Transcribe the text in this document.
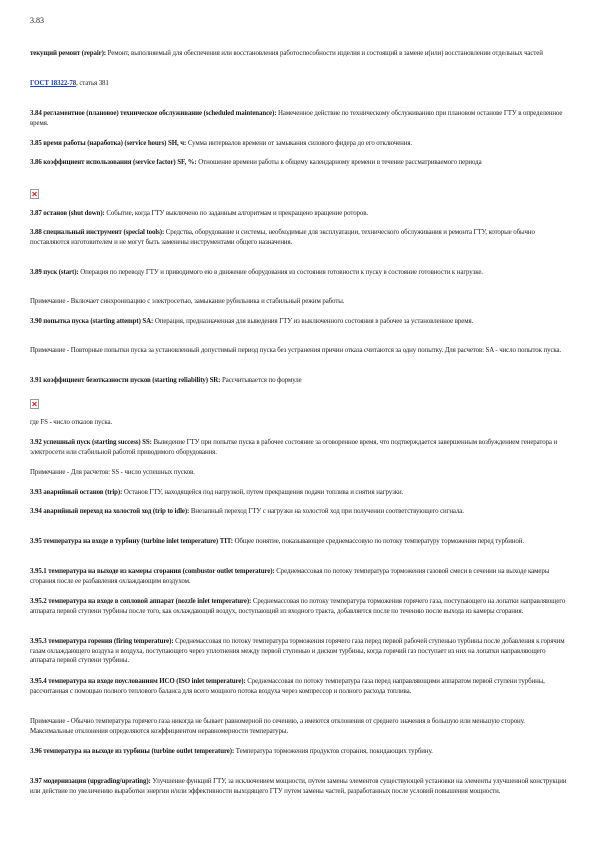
3.83

текущий ремонт (repair): Ремонт, выполняемый для обеспечения или восстановления работоспособности изделия и состоящий в замене и(или) восстановлении отдельных частей

ГОСТ 18322-78, статья 381

3.84 регламентное (плановое) техническое обслуживание (scheduled maintenance): Намеченное действие по техническому обслуживанию при плановом останове ГТУ в определенное время.

3.85 время работы (наработка) (service hours) SH, ч: Сумма интервалов времени от замыкания силового фидера до его отключения.

3.86 коэффициент использования (service factor) SF, %: Отношение времени работы к общему календарному времени в течение рассматриваемого периода

3.87 останов (shut down): Событие, когда ГТУ выключено по заданным алгоритмам и прекращено вращение роторов.

3.88 специальный инструмент (special tools): Средства, оборудование и системы, необходимые для эксплуатации, технического обслуживания и ремонта ГТУ, которые обычно поставляются изготовителем и не могут быть заменены инструментами общего назначения.

3.89 пуск (start): Операция по переводу ГТУ и приводимого ею в движение оборудования из состояния готовности к пуску в состояние готовности к нагрузке.

Примечание - Включает синхронизацию с электросетью, замыкание рубильника и стабильный режим работы.

3.90 попытка пуска (starting attempt) SA: Операция, предназначенная для выведения ГТУ из выключенного состояния в рабочее за установленное время.

Примечание - Повторные попытки пуска за установленный допустимый период пуска без устранения причин отказа считаются за одну попытку. Для расчетов: SA - число попыток пуска.

3.91 коэффициент безотказности пусков (starting reliability) SR: Рассчитывается по формуле

где FS - число отказов пуска.

3.92 успешный пуск (starting success) SS: Выведение ГТУ при попытке пуска в рабочее состояние за оговоренное время, что подтверждается завершенным возбуждением генератора и электросети или стабильной работой приводимого оборудования.

Примечание - Для расчетов: SS - число успешных пусков.

3.93 аварийный останов (trip): Останов ГТУ, находящейся под нагрузкой, путем прекращения подачи топлива и снятия нагрузки.

3.94 аварийный переход на холостой ход (trip to idle): Внезапный переход ГТУ с нагрузки на холостой ход при получении соответствующего сигнала.

3.95 температура на входе в турбину (turbine inlet temperature) TIT: Общее понятие, показывающее среднемассовую по потоку температуру торможения перед турбиной.

3.95.1 температура на выходе из камеры сгорания (combustor outlet temperature): Среднемассовая по потоку температура торможения газовой смеси в сечении на выходе камеры сгорания после ее разбавления охлаждающим воздухом.

3.95.2 температура на входе в сопловой аппарат (nozzle inlet temperature): Среднемассовая по потоку температура торможения горячего газа, поступающего на лопатки направляющего аппарата первой ступени турбины после того, как охлаждающий воздух, поступающий из входного тракта, добавляется после по течению после выхода из камеры сгорания.

3.95.3 температура горения (firing temperature): Среднемассовая по потоку температура торможения горячего газа перед первой рабочей ступенью турбины после добавления к горячим газам охлаждающего воздуха и воздуха, поступающего через уплотнения между первой ступенью и диском турбины, когда горячий газ поступает из них на лопатки направляющего аппарата первой ступени турбины.

3.95.4 температура на входе поуслованиям ИСО (ISO inlet temperature): Среднемассовая по потоку температура газа перед направляющими аппаратом первой ступени турбины, рассчитанная с помощью полного теплового баланса для всего мощного потока воздуха через компрессор и полного расхода топлива.

Примечание - Обычно температура горячего газа никогда не бывает равномерной по сечению, а имеются отклонения от среднего значения в большую или меньшую сторону. Максимальные отклонения определяются коэффициентом неравномерности температуры.

3.96 температура на выходе из турбины (turbine outlet temperature): Температура торможения продуктов сгорания, покидающих турбину.

3.97 модернизация (upgrading/uprating): Улучшение функций ГТУ, за исключением мощности, путем замены элементов существующей установки на элементы улучшенной конструкции или действие по увеличению выработки энергии и/или эффективности выходящего ГТУ путем замены частей, разработанных после условий повышения мощности.
